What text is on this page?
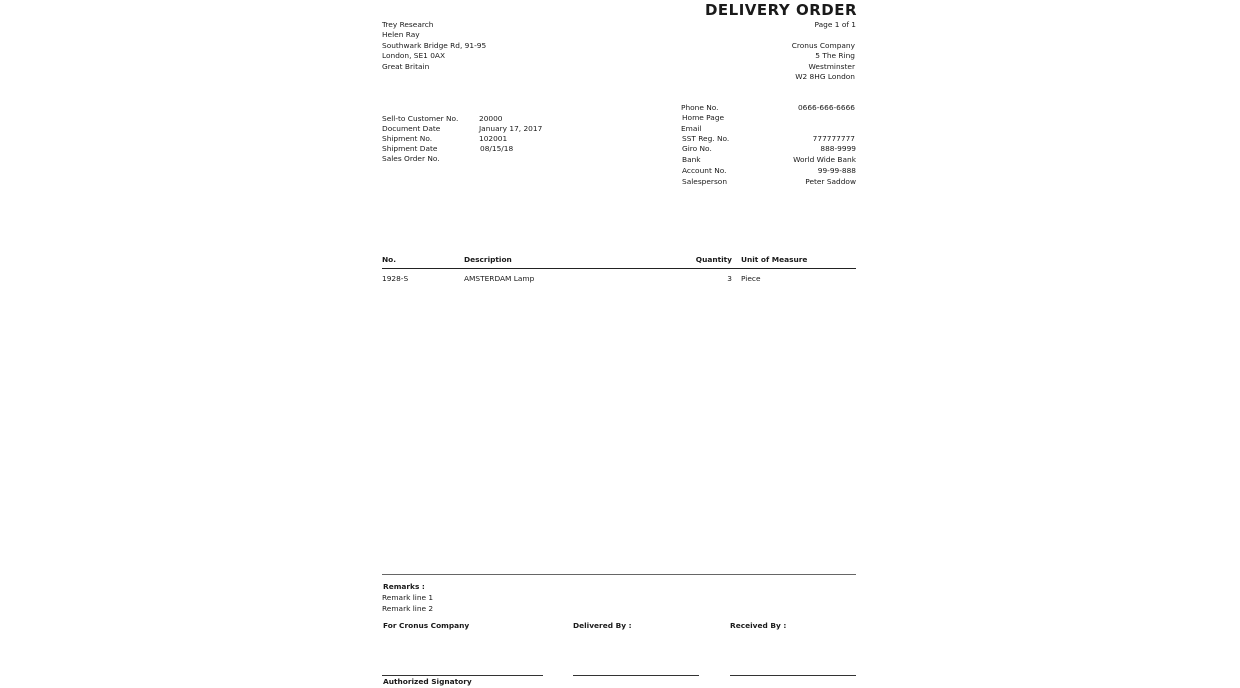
DELIVERY ORDER
Page 1 of 1
Trey Research
Helen Ray
Southwark Bridge Rd, 91-95
London, SE1 0AX
Great Britain
Cronus Company
5 The Ring
Westminster
W2 8HG London
Sell-to Customer No.	20000
Document Date	January 17, 2017
Shipment No.	102001
Shipment Date	08/15/18
Sales Order No.
Phone No.	0666-666-6666
Home Page
Email
SST Reg. No.	777777777
Giro No.	888-9999
Bank	World Wide Bank
Account No.	99-99-888
Salesperson	Peter Saddow
No.	Description	Quantity Unit of Measure
1928-S	AMSTERDAM Lamp	3 Piece
Remarks :
Remark line 1
Remark line 2
For Cronus Company	Delivered By :	Received By :
Authorized Signatory
